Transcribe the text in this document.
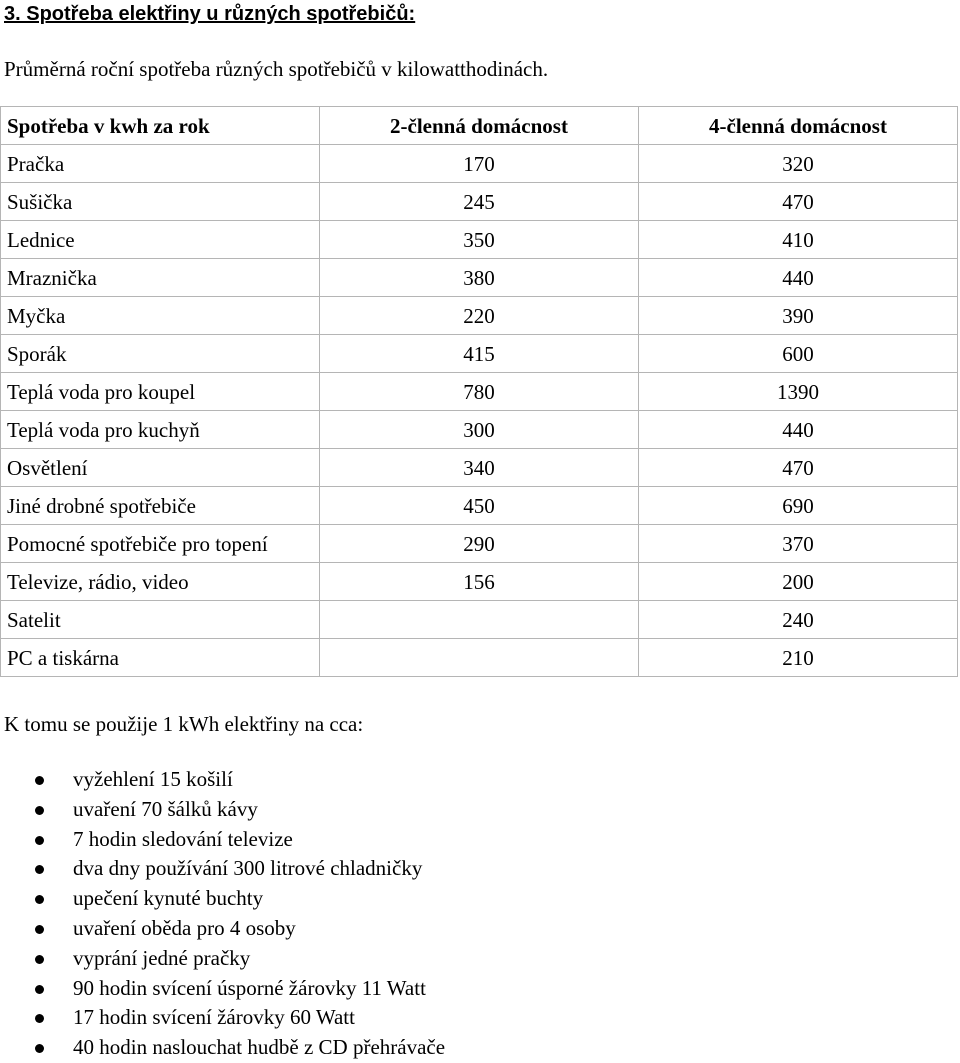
3. Spotřeba elektřiny u různých spotřebičů:
Průměrná roční spotřeba různých spotřebičů v kilowatthodinách.
Spotřeba v kwh za rok	2-členná domácnost	4-členná domácnost
Pračka	170	320
Sušička	245	470
Lednice	350	410
Mraznička	380	440
Myčka	220	390
Sporák	415	600
Teplá voda pro koupel	780	1390
Teplá voda pro kuchyň	300	440
Osvětlení	340	470
Jiné drobné spotřebiče	450	690
Pomocné spotřebiče pro topení	290	370
Televize, rádio, video	156	200
Satelit		240
PC a tiskárna		210
K tomu se použije 1 kWh elektřiny na cca:
vyžehlení 15 košilí
uvaření 70 šálků kávy
7 hodin sledování televize
dva dny používání 300 litrové chladničky
upečení kynuté buchty
uvaření oběda pro 4 osoby
vyprání jedné pračky
90 hodin svícení úsporné žárovky 11 Watt
17 hodin svícení žárovky 60 Watt
40 hodin naslouchat hudbě z CD přehrávače
